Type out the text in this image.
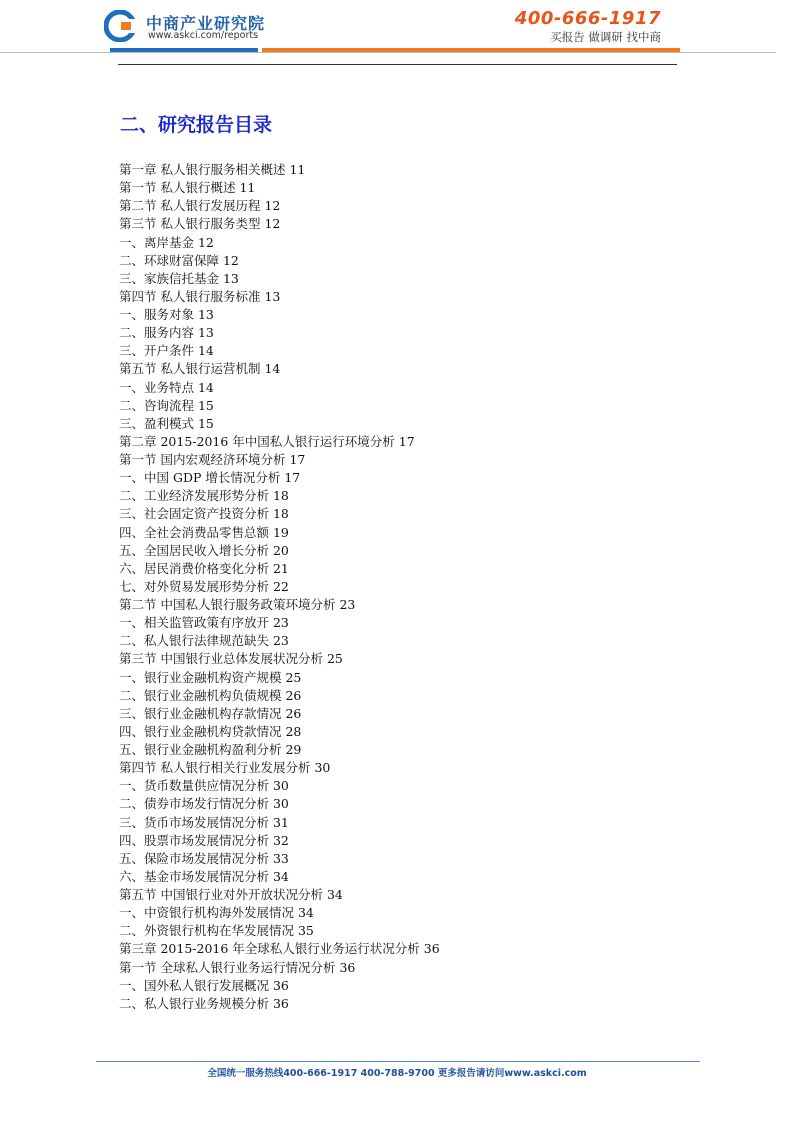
中商产业研究院
www.askci.com/reports
400-666-1917
买报告 做调研 找中商
二、研究报告目录
第一章 私人银行服务相关概述 11
第一节 私人银行概述 11
第二节 私人银行发展历程 12
第三节 私人银行服务类型 12
一、离岸基金 12
二、环球财富保障 12
三、家族信托基金 13
第四节 私人银行服务标准 13
一、服务对象 13
二、服务内容 13
三、开户条件 14
第五节 私人银行运营机制 14
一、业务特点 14
二、咨询流程 15
三、盈利模式 15
第二章 2015-2016 年中国私人银行运行环境分析 17
第一节 国内宏观经济环境分析 17
一、中国 GDP 增长情况分析 17
二、工业经济发展形势分析 18
三、社会固定资产投资分析 18
四、全社会消费品零售总额 19
五、全国居民收入增长分析 20
六、居民消费价格变化分析 21
七、对外贸易发展形势分析 22
第二节 中国私人银行服务政策环境分析 23
一、相关监管政策有序放开 23
二、私人银行法律规范缺失 23
第三节 中国银行业总体发展状况分析 25
一、银行业金融机构资产规模 25
二、银行业金融机构负债规模 26
三、银行业金融机构存款情况 26
四、银行业金融机构贷款情况 28
五、银行业金融机构盈利分析 29
第四节 私人银行相关行业发展分析 30
一、货币数量供应情况分析 30
二、债券市场发行情况分析 30
三、货币市场发展情况分析 31
四、股票市场发展情况分析 32
五、保险市场发展情况分析 33
六、基金市场发展情况分析 34
第五节 中国银行业对外开放状况分析 34
一、中资银行机构海外发展情况 34
二、外资银行机构在华发展情况 35
第三章 2015-2016 年全球私人银行业务运行状况分析 36
第一节 全球私人银行业务运行情况分析 36
一、国外私人银行发展概况 36
二、私人银行业务规模分析 36
全国统一服务热线400-666-1917 400-788-9700 更多报告请访问www.askci.com
